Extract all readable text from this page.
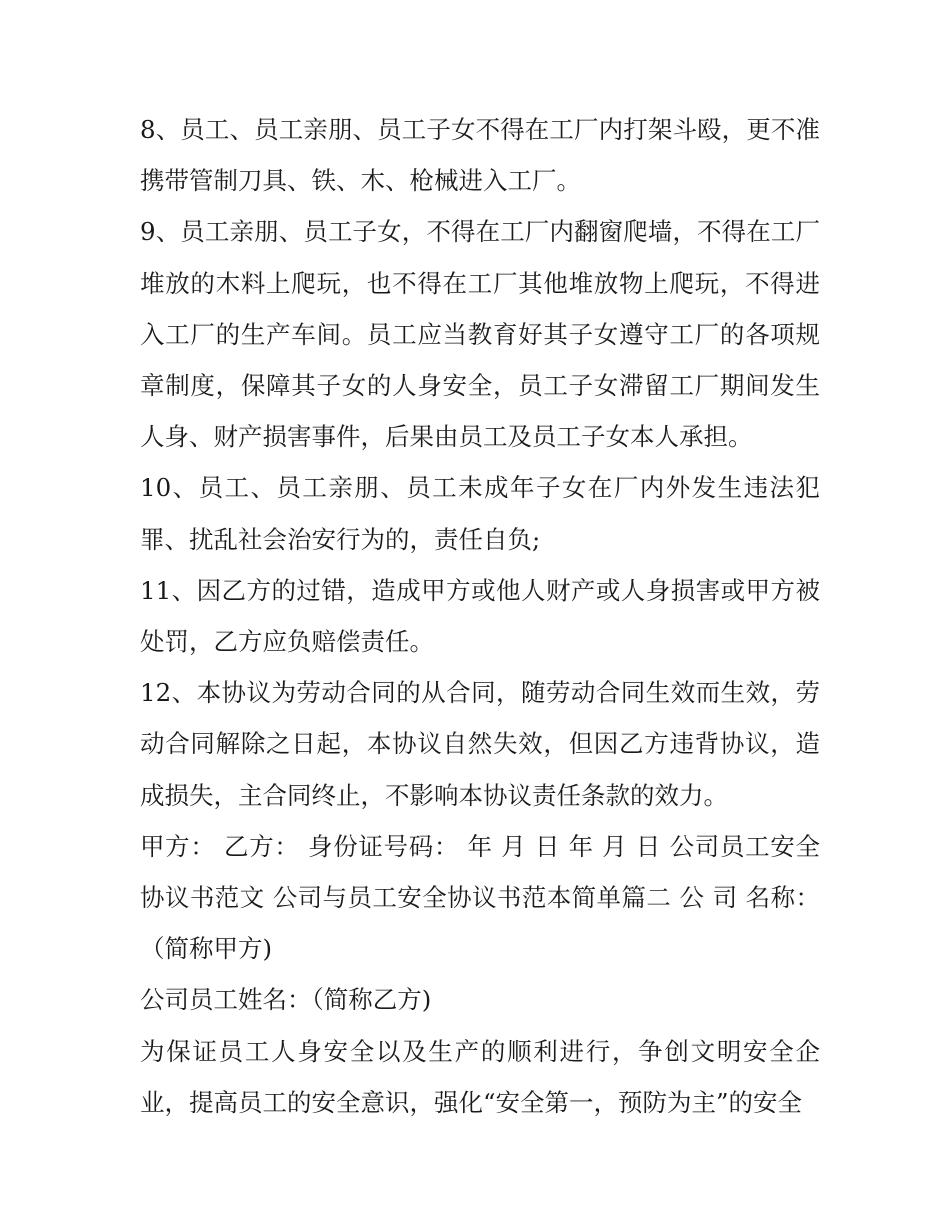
8、员工、员工亲朋、员工子女不得在工厂内打架斗殴，更不准携带管制刀具、铁、木、枪械进入工厂。

9、员工亲朋、员工子女，不得在工厂内翻窗爬墙，不得在工厂堆放的木料上爬玩，也不得在工厂其他堆放物上爬玩，不得进入工厂的生产车间。员工应当教育好其子女遵守工厂的各项规章制度，保障其子女的人身安全，员工子女滞留工厂期间发生人身、财产损害事件，后果由员工及员工子女本人承担。

10、员工、员工亲朋、员工未成年子女在厂内外发生违法犯罪、扰乱社会治安行为的，责任自负;

11、因乙方的过错，造成甲方或他人财产或人身损害或甲方被处罚，乙方应负赔偿责任。

12、本协议为劳动合同的从合同，随劳动合同生效而生效，劳动合同解除之日起，本协议自然失效，但因乙方违背协议，造成损失，主合同终止，不影响本协议责任条款的效力。

甲方： 乙方： 身份证号码： 年 月 日 年 月 日 公司员工安全协议书范文 公司与员工安全协议书范本简单篇二 公 司 名称：（简称甲方)

公司员工姓名：（简称乙方)

为保证员工人身安全以及生产的顺利进行，争创文明安全企业，提高员工的安全意识，强化“安全第一，预防为主”的安全
